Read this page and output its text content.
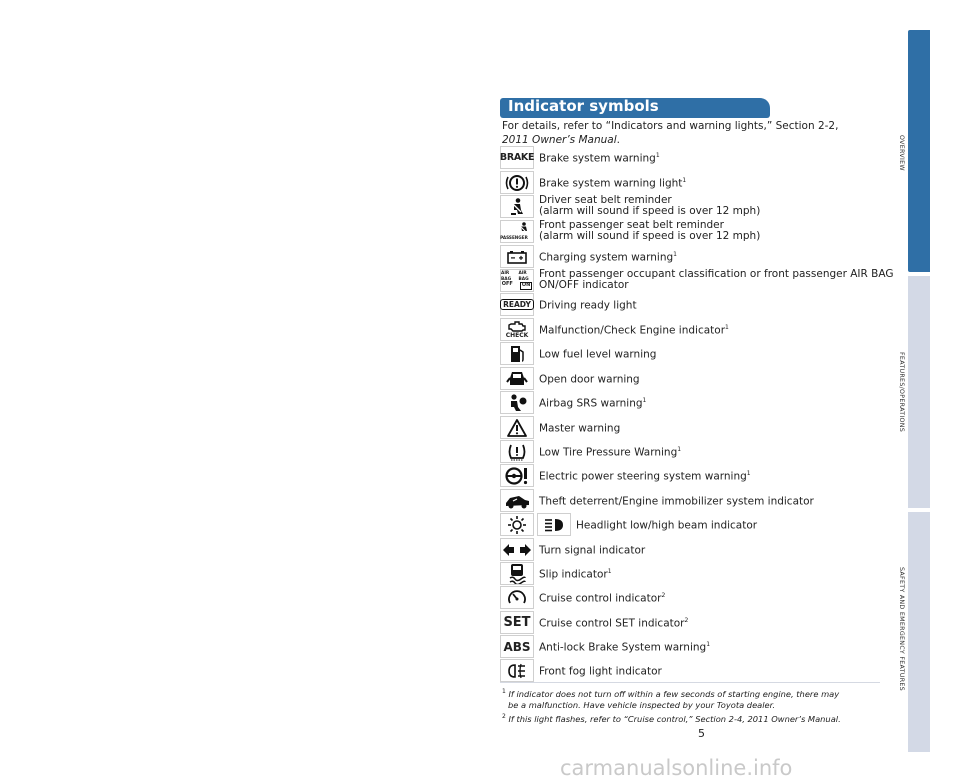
Indicator symbols
For details, refer to “Indicators and warning lights,” Section 2-2, 2011 Owner’s Manual.
BRAKE Brake system warning$^1$
Brake system warning light$^1$
Driver seat belt reminder
(alarm will sound if speed is over 12 mph)
PASSENGER
Front passenger seat belt reminder
(alarm will sound if speed is over 12 mph)
Charging system warning$^1$
AIR BAG
AIR BAG
OFF	ON
Front passenger occupant classification or front passenger AIR BAG
ON/OFF indicator
READY Driving ready light
CHECK Malfunction/Check Engine indicator$^1$
Low fuel level warning
Open door warning
Airbag SRS warning$^1$
Master warning
Low Tire Pressure Warning$^1$
Electric power steering system warning$^1$
Theft deterrent/Engine immobilizer system indicator
Headlight low/high beam indicator
Turn signal indicator
Slip indicator$^1$
Cruise control indicator$^2$
SET Cruise control SET indicator$^2$
ABS Anti-lock Brake System warning$^1$
Front fog light indicator
$^1$ If indicator does not turn off within a few seconds of starting engine, there may
be a malfunction. Have vehicle inspected by your Toyota dealer.
$^2$ If this light flashes, refer to “Cruise control,” Section 2-4, 2011 Owner’s Manual.
5
OVERVIEW
FEATURES/OPERATIONS
SAFETY AND EMERGENCY FEATURES
carmanualsonline.info
